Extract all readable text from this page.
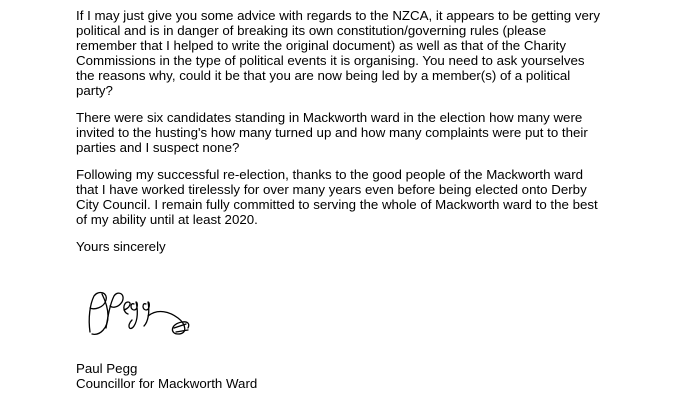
If I may just give you some advice with regards to the NZCA, it appears to be getting very
political and is in danger of breaking its own constitution/governing rules (please
remember that I helped to write the original document) as well as that of the Charity
Commissions in the type of political events it is organising. You need to ask yourselves
the reasons why, could it be that you are now being led by a member(s) of a political
party?

There were six candidates standing in Mackworth ward in the election how many were
invited to the husting's how many turned up and how many complaints were put to their
parties and I suspect none?

Following my successful re-election, thanks to the good people of the Mackworth ward
that I have worked tirelessly for over many years even before being elected onto Derby
City Council. I remain fully committed to serving the whole of Mackworth ward to the best
of my ability until at least 2020.

Yours sincerely

Paul Pegg
Councillor for Mackworth Ward
